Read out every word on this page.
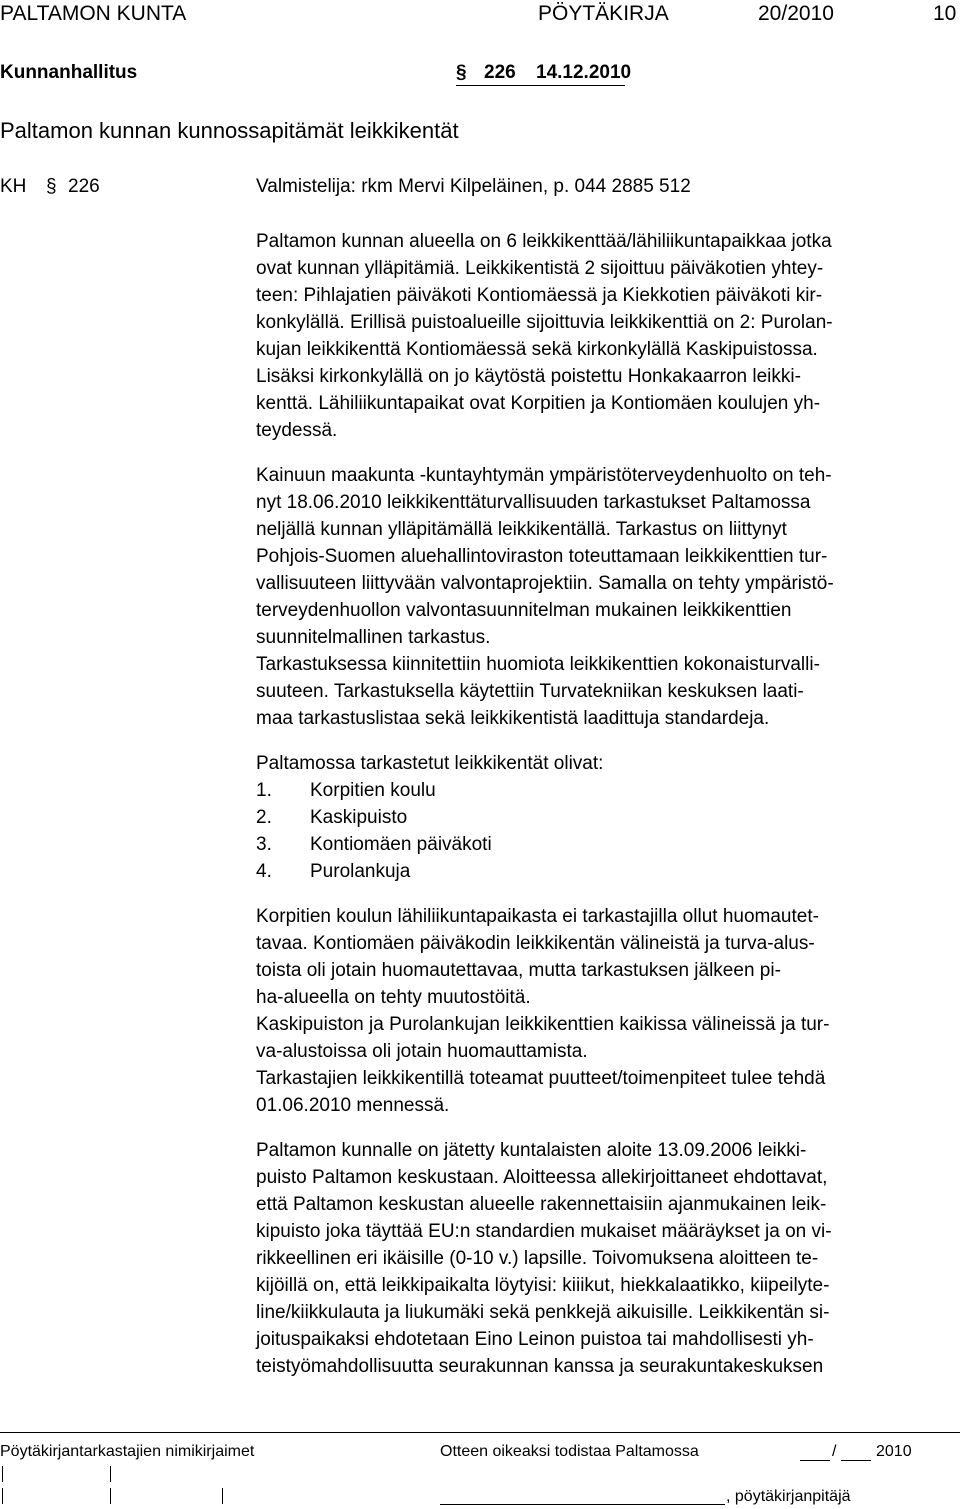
PALTAMON KUNTA	PÖYTÄKIRJA	20/2010	10
Kunnanhallitus	§ 226 14.12.2010
Paltamon kunnan kunnossapitämät leikkikentät
KH § 226	Valmistelija: rkm Mervi Kilpeläinen, p. 044 2885 512
Paltamon kunnan alueella on 6 leikkikenttää/lähiliikuntapaikkaa jotka
ovat kunnan ylläpitämiä. Leikkikentistä 2 sijoittuu päiväkotien yhtey-
teen: Pihlajatien päiväkoti Kontiomäessä ja Kiekkotien päiväkoti kir-
konkylällä. Erillisä puistoalueille sijoittuvia leikkikenttiä on 2: Purolan-
kujan leikkikenttä Kontiomäessä sekä kirkonkylällä Kaskipuistossa.
Lisäksi kirkonkylällä on jo käytöstä poistettu Honkakaarron leikki-
kenttä. Lähiliikuntapaikat ovat Korpitien ja Kontiomäen koulujen yh-
teydessä.
Kainuun maakunta -kuntayhtymän ympäristöterveydenhuolto on teh-
nyt 18.06.2010 leikkikenttäturvallisuuden tarkastukset Paltamossa
neljällä kunnan ylläpitämällä leikkikentällä. Tarkastus on liittynyt
Pohjois-Suomen aluehallintoviraston toteuttamaan leikkikenttien tur-
vallisuuteen liittyvään valvontaprojektiin. Samalla on tehty ympäristö-
terveydenhuollon valvontasuunnitelman mukainen leikkikenttien
suunnitelmallinen tarkastus.
Tarkastuksessa kiinnitettiin huomiota leikkikenttien kokonaisturvalli-
suuteen. Tarkastuksella käytettiin Turvatekniikan keskuksen laati-
maa tarkastuslistaa sekä leikkikentistä laadittuja standardeja.
Paltamossa tarkastetut leikkikentät olivat:
1. Korpitien koulu
2. Kaskipuisto
3. Kontiomäen päiväkoti
4. Purolankuja
Korpitien koulun lähiliikuntapaikasta ei tarkastajilla ollut huomautet-
tavaa. Kontiomäen päiväkodin leikkikentän välineistä ja turva-alus-
toista oli jotain huomautettavaa, mutta tarkastuksen jälkeen pi-
ha-alueella on tehty muutostöitä.
Kaskipuiston ja Purolankujan leikkikenttien kaikissa välineissä ja tur-
va-alustoissa oli jotain huomauttamista.
Tarkastajien leikkikentillä toteamat puutteet/toimenpiteet tulee tehdä
01.06.2010 mennessä.
Paltamon kunnalle on jätetty kuntalaisten aloite 13.09.2006 leikki-
puisto Paltamon keskustaan. Aloitteessa allekirjoittaneet ehdottavat,
että Paltamon keskustan alueelle rakennettaisiin ajanmukainen leik-
kipuisto joka täyttää EU:n standardien mukaiset määräykset ja on vi-
rikkeellinen eri ikäisille (0-10 v.) lapsille. Toivomuksena aloitteen te-
kijöillä on, että leikkipaikalta löytyisi: kiiikut, hiekkalaatikko, kiipeilyte-
line/kiikkulauta ja liukumäki sekä penkkejä aikuisille. Leikkikentän si-
joituspaikaksi ehdotetaan Eino Leinon puistoa tai mahdollisesti yh-
teistyömahdollisuutta seurakunnan kanssa ja seurakuntakeskuksen
Pöytäkirjantarkastajien nimikirjaimet	Otteen oikeaksi todistaa Paltamossa	/ 2010
, pöytäkirjanpitäjä
